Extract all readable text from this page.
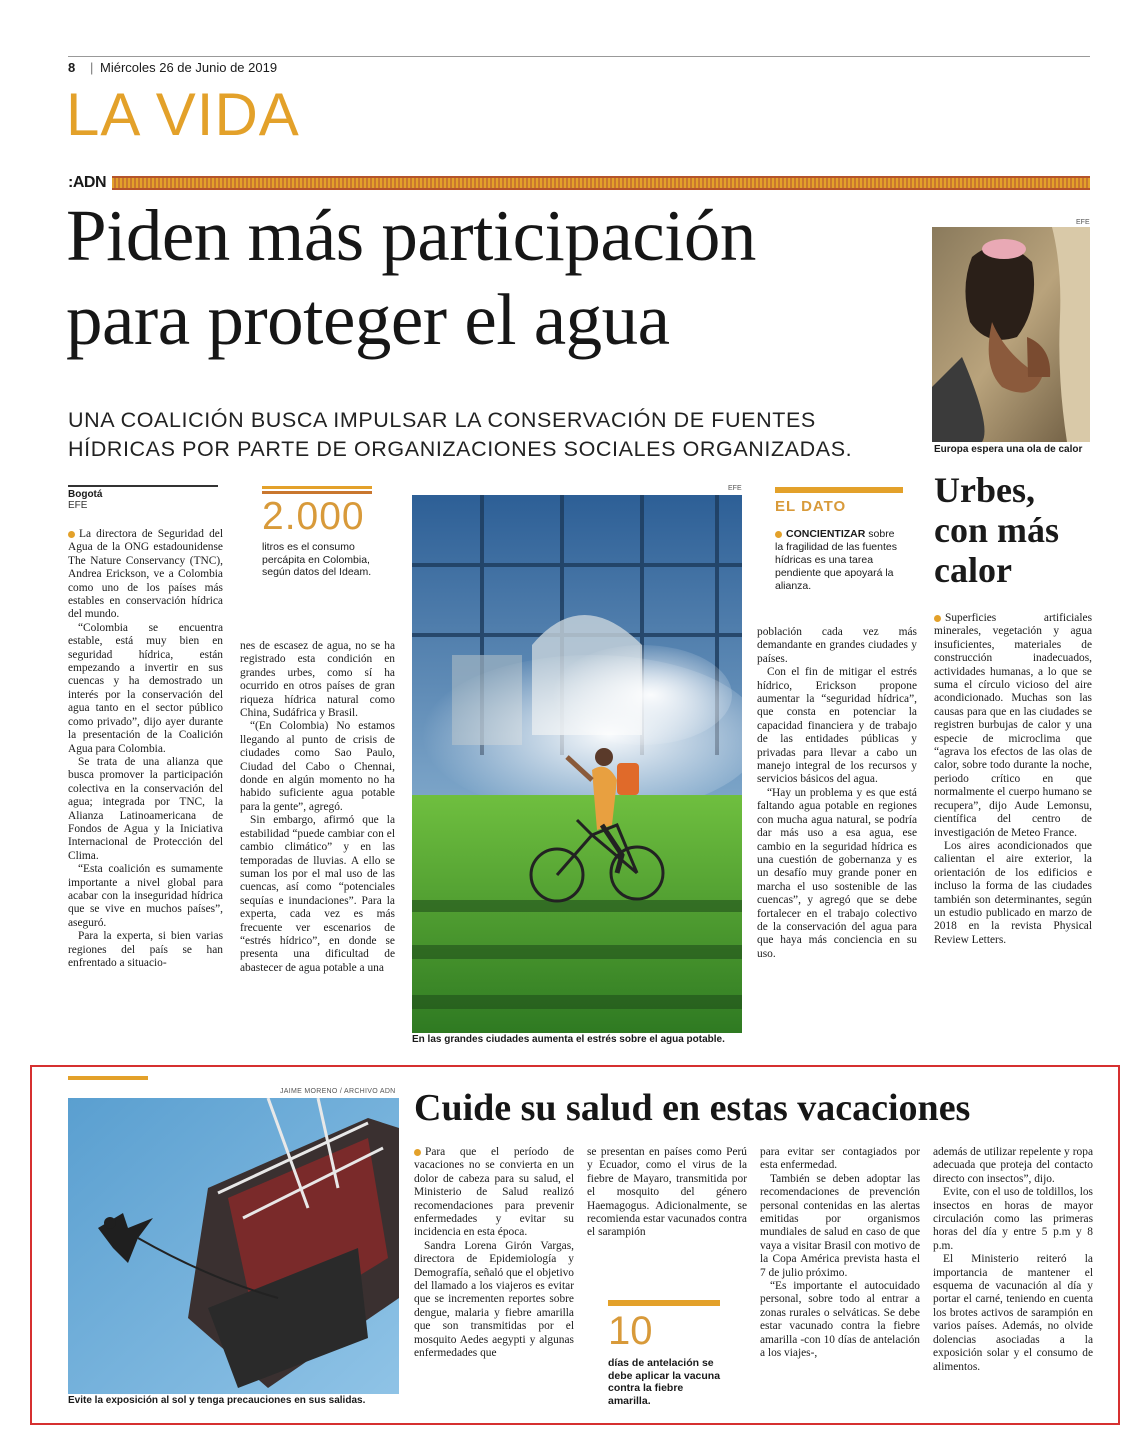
8 | Miércoles 26 de Junio de 2019
LA VIDA
:ADN
Piden más participación
para proteger el agua
UNA COALICIÓN BUSCA IMPULSAR LA CONSERVACIÓN DE FUENTES HÍDRICAS POR PARTE DE ORGANIZACIONES SOCIALES ORGANIZADAS.
EFE
Europa espera una ola de calor
Urbes, con más calor

Superficies artificiales minerales, vegetación y agua insuficientes, materiales de construcción inadecuados, actividades humanas, a lo que se suma el círculo vicioso del aire acondicionado. Muchas son las causas para que en las ciudades se registren burbujas de calor y una especie de microclima que “agrava los efectos de las olas de calor, sobre todo durante la noche, periodo crítico en que normalmente el cuerpo humano se recupera”, dijo Aude Lemonsu, científica del centro de investigación de Meteo France.

Los aires acondicionados que calientan el aire exterior, la orientación de los edificios e incluso la forma de las ciudades también son determinantes, según un estudio publicado en marzo de 2018 en la revista Physical Review Letters.

Bogotá
EFE

La directora de Seguridad del Agua de la ONG estadounidense The Nature Conservancy (TNC), Andrea Erickson, ve a Colombia como uno de los países más estables en conservación hídrica del mundo.

“Colombia se encuentra estable, está muy bien en seguridad hídrica, están empezando a invertir en sus cuencas y ha demostrado un interés por la conservación del agua tanto en el sector público como privado”, dijo ayer durante la presentación de la Coalición Agua para Colombia.

Se trata de una alianza que busca promover la participación colectiva en la conservación del agua; integrada por TNC, la Alianza Latinoamericana de Fondos de Agua y la Iniciativa Internacional de Protección del Clima.

“Esta coalición es sumamente importante a nivel global para acabar con la inseguridad hídrica que se vive en muchos países”, aseguró.

Para la experta, si bien varias regiones del país se han enfrentado a situacio-

2.000
litros es el consumo percápita en Colombia, según datos del Ideam.

nes de escasez de agua, no se ha registrado esta condición en grandes urbes, como sí ha ocurrido en otros países de gran riqueza hídrica natural como China, Sudáfrica y Brasil.

“(En Colombia) No estamos llegando al punto de crisis de ciudades como Sao Paulo, Ciudad del Cabo o Chennai, donde en algún momento no ha habido suficiente agua potable para la gente”, agregó.

Sin embargo, afirmó que la estabilidad “puede cambiar con el cambio climático” y en las temporadas de lluvias. A ello se suman los por el mal uso de las cuencas, así como “potenciales sequías e inundaciones”. Para la experta, cada vez es más frecuente ver escenarios de “estrés hídrico”, en donde se presenta una dificultad de abastecer de agua potable a una

EFE
En las grandes ciudades aumenta el estrés sobre el agua potable.
EL DATO
CONCIENTIZAR sobre la fragilidad de las fuentes hídricas es una tarea pendiente que apoyará la alianza.

población cada vez más demandante en grandes ciudades y países.

Con el fin de mitigar el estrés hídrico, Erickson propone aumentar la “seguridad hídrica”, que consta en potenciar la capacidad financiera y de trabajo de las entidades públicas y privadas para llevar a cabo un manejo integral de los recursos y servicios básicos del agua.

“Hay un problema y es que está faltando agua potable en regiones con mucha agua natural, se podría dar más uso a esa agua, ese cambio en la seguridad hídrica es una cuestión de gobernanza y es un desafío muy grande poner en marcha el uso sostenible de las cuencas”, y agregó que se debe fortalecer en el trabajo colectivo de la conservación del agua para que haya más conciencia en su uso.

JAIME MORENO / ARCHIVO ADN
Evite la exposición al sol y tenga precauciones en sus salidas.
Cuide su salud en estas vacaciones

Para que el período de vacaciones no se convierta en un dolor de cabeza para su salud, el Ministerio de Salud realizó recomendaciones para prevenir enfermedades y evitar su incidencia en esta época.

Sandra Lorena Girón Vargas, directora de Epidemiología y Demografía, señaló que el objetivo del llamado a los viajeros es evitar que se incrementen reportes sobre dengue, malaria y fiebre amarilla que son transmitidas por el mosquito Aedes aegypti y algunas enfermedades que

se presentan en países como Perú y Ecuador, como el virus de la fiebre de Mayaro, transmitida por el mosquito del género Haemagogus. Adicionalmente, se recomienda estar vacunados contra el sarampión

10
días de antelación se debe aplicar la vacuna contra la fiebre amarilla.

para evitar ser contagiados por esta enfermedad.

También se deben adoptar las recomendaciones de prevención personal contenidas en las alertas emitidas por organismos mundiales de salud en caso de que vaya a visitar Brasil con motivo de la Copa América prevista hasta el 7 de julio próximo.

“Es importante el autocuidado personal, sobre todo al entrar a zonas rurales o selváticas. Se debe estar vacunado contra la fiebre amarilla -con 10 días de antelación a los viajes-,

además de utilizar repelente y ropa adecuada que proteja del contacto directo con insectos”, dijo.

Evite, con el uso de toldillos, los insectos en horas de mayor circulación como las primeras horas del día y entre 5 p.m y 8 p.m.

El Ministerio reiteró la importancia de mantener el esquema de vacunación al día y portar el carné, teniendo en cuenta los brotes activos de sarampión en varios países. Además, no olvide dolencias asociadas a la exposición solar y el consumo de alimentos.
